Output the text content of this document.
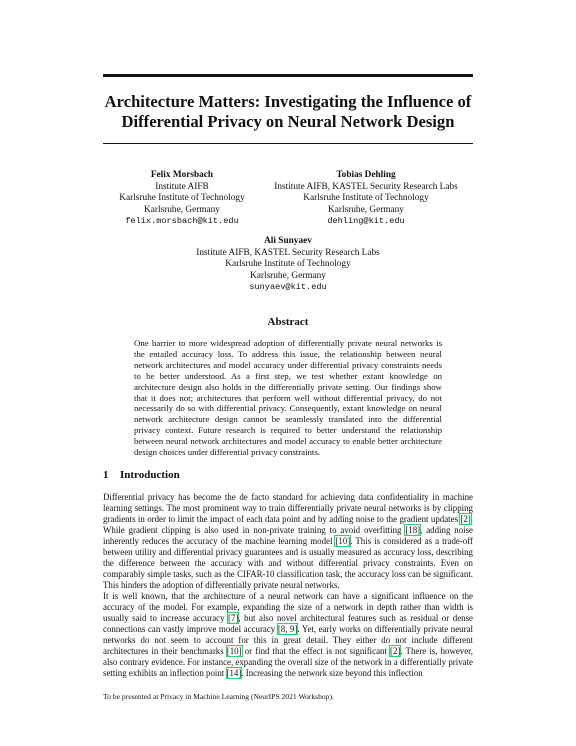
Architecture Matters: Investigating the Influence of Differential Privacy on Neural Network Design
Felix Morsbach
Institute AIFB
Karlsruhe Institute of Technology
Karlsruhe, Germany
felix.morsbach@kit.edu
Tobias Dehling
Institute AIFB, KASTEL Security Research Labs
Karlsruhe Institute of Technology
Karlsruhe, Germany
dehling@kit.edu
Ali Sunyaev
Institute AIFB, KASTEL Security Research Labs
Karlsruhe Institute of Technology
Karlsruhe, Germany
sunyaev@kit.edu
Abstract
One barrier to more widespread adoption of differentially private neural networks is the entailed accuracy loss. To address this issue, the relationship between neural network architectures and model accuracy under differential privacy constraints needs to be better understood. As a first step, we test whether extant knowledge on architecture design also holds in the differentially private setting. Our findings show that it does not; architectures that perform well without differential privacy, do not necessarily do so with differential privacy. Consequently, extant knowledge on neural network architecture design cannot be seamlessly translated into the differential privacy context. Future research is required to better understand the relationship between neural network architectures and model accuracy to enable better architecture design choices under differential privacy constraints.
1 Introduction
Differential privacy has become the de facto standard for achieving data confidentiality in machine learning settings. The most prominent way to train differentially private neural networks is by clipping gradients in order to limit the impact of each data point and by adding noise to the gradient updates [2]. While gradient clipping is also used in non-private training to avoid overfitting [18], adding noise inherently reduces the accuracy of the machine learning model [10]. This is considered as a trade-off between utility and differential privacy guarantees and is usually measured as accuracy loss, describing the difference between the accuracy with and without differential privacy constraints. Even on comparably simple tasks, such as the CIFAR-10 classification task, the accuracy loss can be significant. This hinders the adoption of differentially private neural networks.
It is well known, that the architecture of a neural network can have a significant influence on the accuracy of the model. For example, expanding the size of a network in depth rather than width is usually said to increase accuracy [7], but also novel architectural features such as residual or dense connections can vastly improve model accuracy [8, 9]. Yet, early works on differentially private neural networks do not seem to account for this in great detail. They either do not include different architectures in their benchmarks [10] or find that the effect is not significant [2]. There is, however, also contrary evidence. For instance, expanding the overall size of the network in a differentially private setting exhibits an inflection point [14]. Increasing the network size beyond this inflection
To be presented at Privacy in Machine Learning (NeurIPS 2021 Workshop).
